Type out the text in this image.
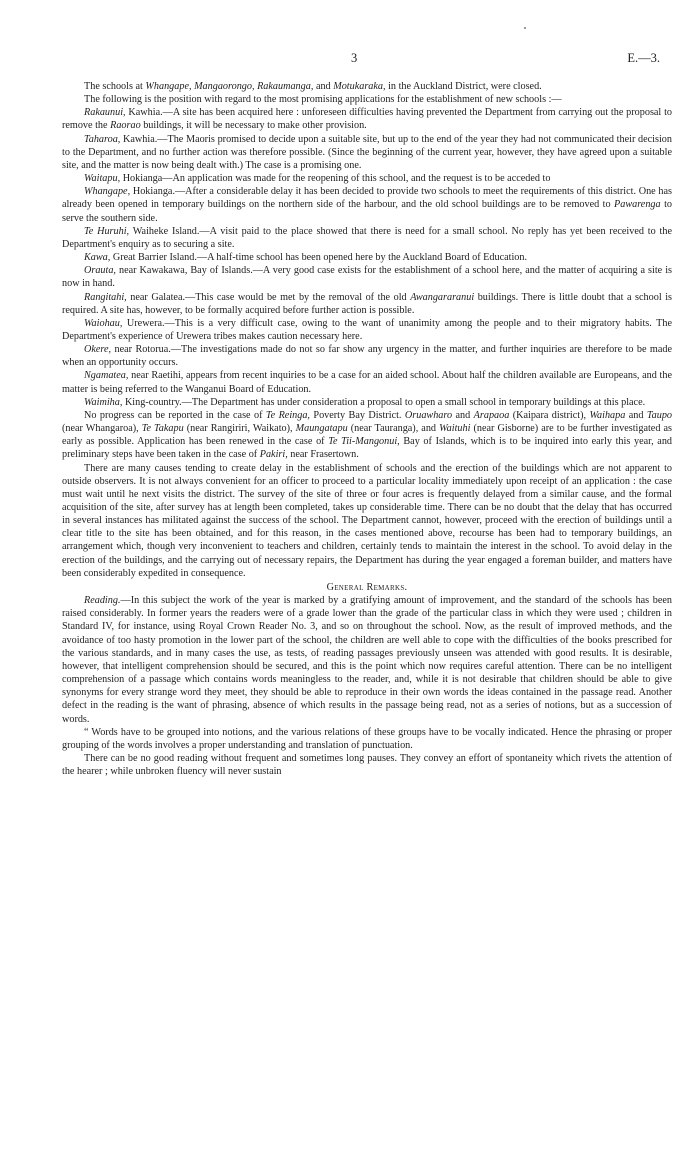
3	E.—3.

The schools at Whangape, Mangaorongo, Rakaumanga, and Motukaraka, in the Auckland District, were closed.

The following is the position with regard to the most promising applications for the establishment of new schools :—

Rakaunui, Kawhia.—A site has been acquired here : unforeseen difficulties having prevented the Department from carrying out the proposal to remove the Raorao buildings, it will be necessary to make other provision.

Taharoa, Kawhia.—The Maoris promised to decide upon a suitable site, but up to the end of the year they had not communicated their decision to the Department, and no further action was therefore possible. (Since the beginning of the current year, however, they have agreed upon a suitable site, and the matter is now being dealt with.) The case is a promising one.

Waitapu, Hokianga—An application was made for the reopening of this school, and the request is to be acceded to

Whangape, Hokianga.—After a considerable delay it has been decided to provide two schools to meet the requirements of this district. One has already been opened in temporary buildings on the northern side of the harbour, and the old school buildings are to be removed to Pawarenga to serve the southern side.

Te Huruhi, Waiheke Island.—A visit paid to the place showed that there is need for a small school. No reply has yet been received to the Department's enquiry as to securing a site.

Kawa, Great Barrier Island.—A half-time school has been opened here by the Auckland Board of Education.

Orauta, near Kawakawa, Bay of Islands.—A very good case exists for the establishment of a school here, and the matter of acquiring a site is now in hand.

Rangitahi, near Galatea.—This case would be met by the removal of the old Awangararanui buildings. There is little doubt that a school is required. A site has, however, to be formally acquired before further action is possible.

Waiohau, Urewera.—This is a very difficult case, owing to the want of unanimity among the people and to their migratory habits. The Department's experience of Urewera tribes makes caution necessary here.

Okere, near Rotorua.—The investigations made do not so far show any urgency in the matter, and further inquiries are therefore to be made when an opportunity occurs.

Ngamatea, near Raetihi, appears from recent inquiries to be a case for an aided school. About half the children available are Europeans, and the matter is being referred to the Wanganui Board of Education.

Waimiha, King-country.—The Department has under consideration a proposal to open a small school in temporary buildings at this place.

No progress can be reported in the case of Te Reinga, Poverty Bay District. Oruawharo and Arapaoa (Kaipara district), Waihapa and Taupo (near Whangaroa), Te Takapu (near Rangiriri, Waikato), Maungatapu (near Tauranga), and Waituhi (near Gisborne) are to be further investigated as early as possible. Application has been renewed in the case of Te Tii-Mangonui, Bay of Islands, which is to be inquired into early this year, and preliminary steps have been taken in the case of Pakiri, near Frasertown.

There are many causes tending to create delay in the establishment of schools and the erection of the buildings which are not apparent to outside observers. It is not always convenient for an officer to proceed to a particular locality immediately upon receipt of an application : the case must wait until he next visits the district. The survey of the site of three or four acres is frequently delayed from a similar cause, and the formal acquisition of the site, after survey has at length been completed, takes up considerable time. There can be no doubt that the delay that has occurred in several instances has militated against the success of the school. The Department cannot, however, proceed with the erection of buildings until a clear title to the site has been obtained, and for this reason, in the cases mentioned above, recourse has been had to temporary buildings, an arrangement which, though very inconvenient to teachers and children, certainly tends to maintain the interest in the school. To avoid delay in the erection of the buildings, and the carrying out of necessary repairs, the Department has during the year engaged a foreman builder, and matters have been considerably expedited in consequence.

General Remarks.

Reading.—In this subject the work of the year is marked by a gratifying amount of improvement, and the standard of the schools has been raised considerably. In former years the readers were of a grade lower than the grade of the particular class in which they were used ; children in Standard IV, for instance, using Royal Crown Reader No. 3, and so on throughout the school. Now, as the result of improved methods, and the avoidance of too hasty promotion in the lower part of the school, the children are well able to cope with the difficulties of the books prescribed for the various standards, and in many cases the use, as tests, of reading passages previously unseen was attended with good results. It is desirable, however, that intelligent comprehension should be secured, and this is the point which now requires careful attention. There can be no intelligent comprehension of a passage which contains words meaningless to the reader, and, while it is not desirable that children should be able to give synonyms for every strange word they meet, they should be able to reproduce in their own words the ideas contained in the passage read. Another defect in the reading is the want of phrasing, absence of which results in the passage being read, not as a series of notions, but as a succession of words.

“ Words have to be grouped into notions, and the various relations of these groups have to be vocally indicated. Hence the phrasing or proper grouping of the words involves a proper understanding and translation of punctuation.

There can be no good reading without frequent and sometimes long pauses. They convey an effort of spontaneity which rivets the attention of the hearer ; while unbroken fluency will never sustain
